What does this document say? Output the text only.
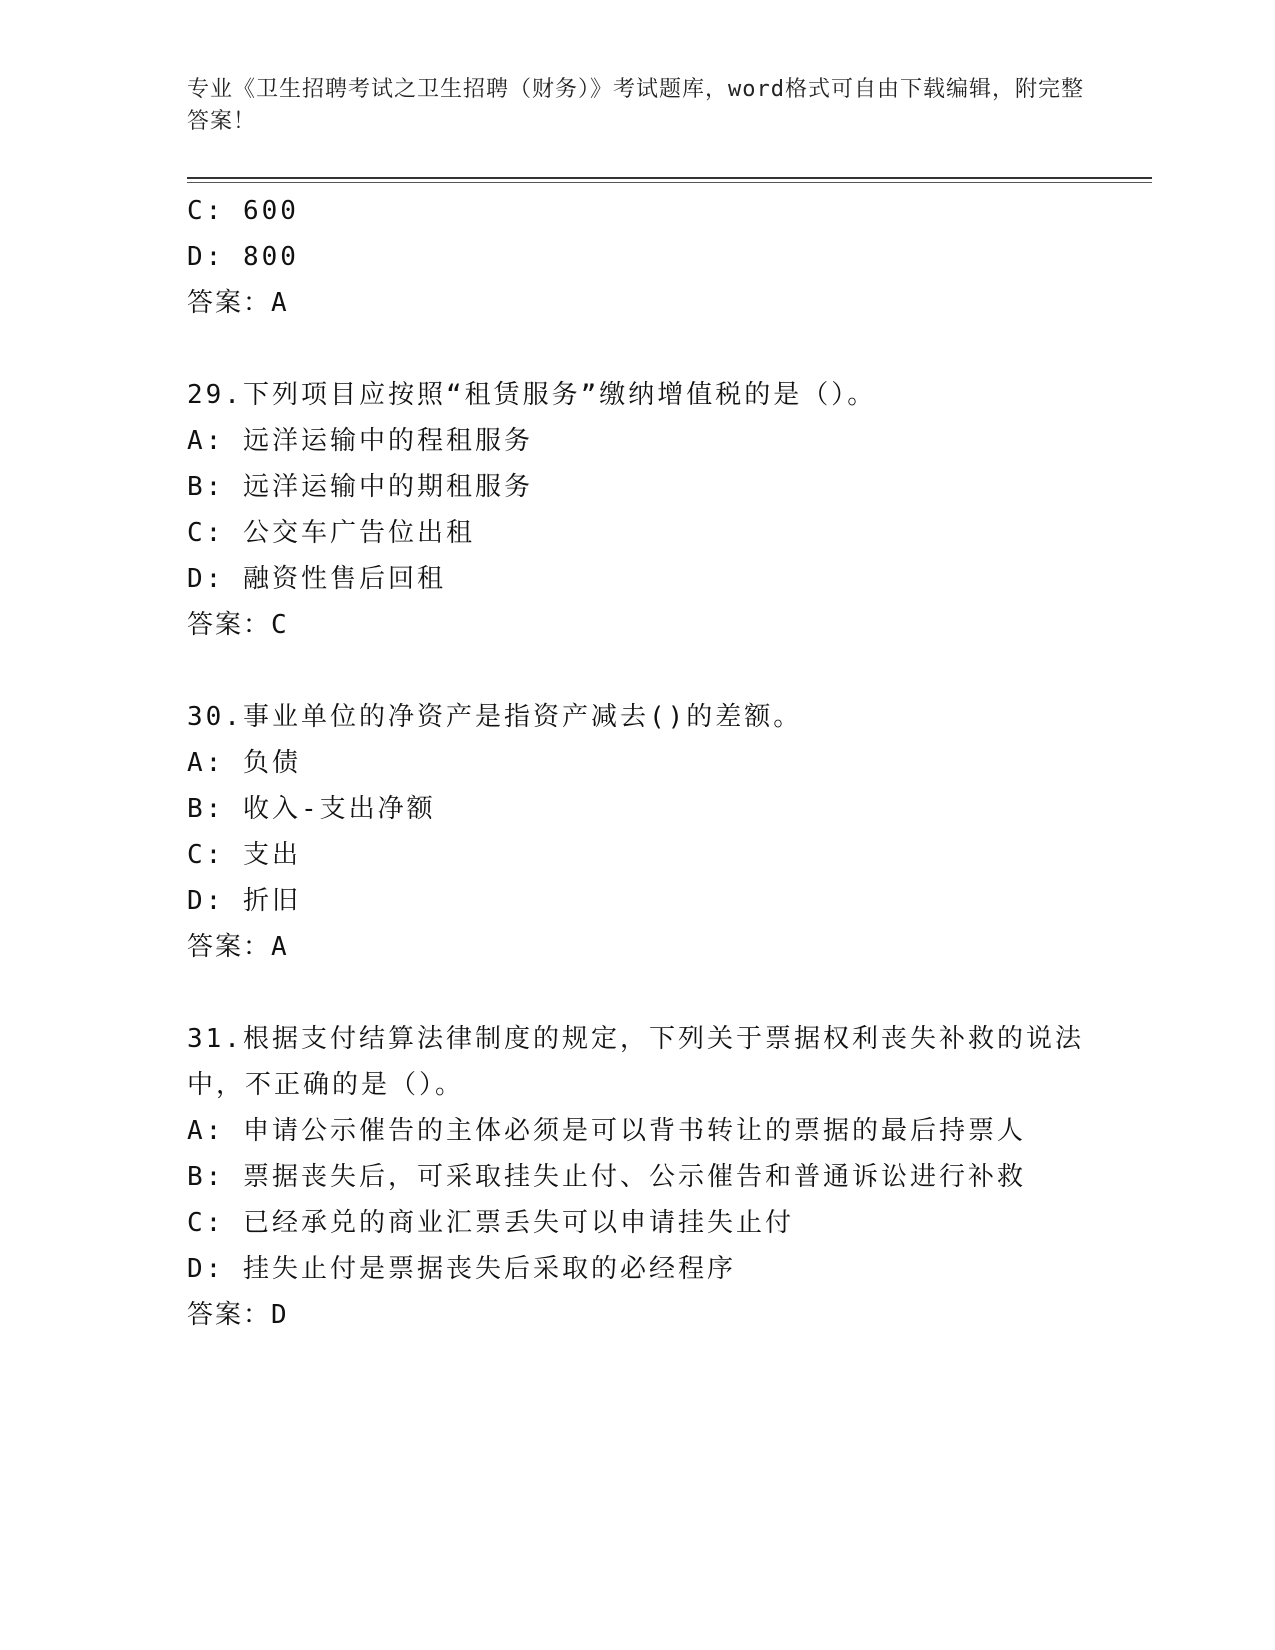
专业《卫生招聘考试之卫生招聘（财务）》考试题库，word格式可自由下载编辑，附完整答案！
C: 600
D: 800
答案：A
29.下列项目应按照“租赁服务”缴纳增值税的是（）。
A: 远洋运输中的程租服务
B: 远洋运输中的期租服务
C: 公交车广告位出租
D: 融资性售后回租
答案：C
30.事业单位的净资产是指资产减去()的差额。
A: 负债
B: 收入-支出净额
C: 支出
D: 折旧
答案：A
31.根据支付结算法律制度的规定，下列关于票据权利丧失补救的说法中，不正确的是（）。
A: 申请公示催告的主体必须是可以背书转让的票据的最后持票人
B: 票据丧失后，可采取挂失止付、公示催告和普通诉讼进行补救
C: 已经承兑的商业汇票丢失可以申请挂失止付
D: 挂失止付是票据丧失后采取的必经程序
答案：D
